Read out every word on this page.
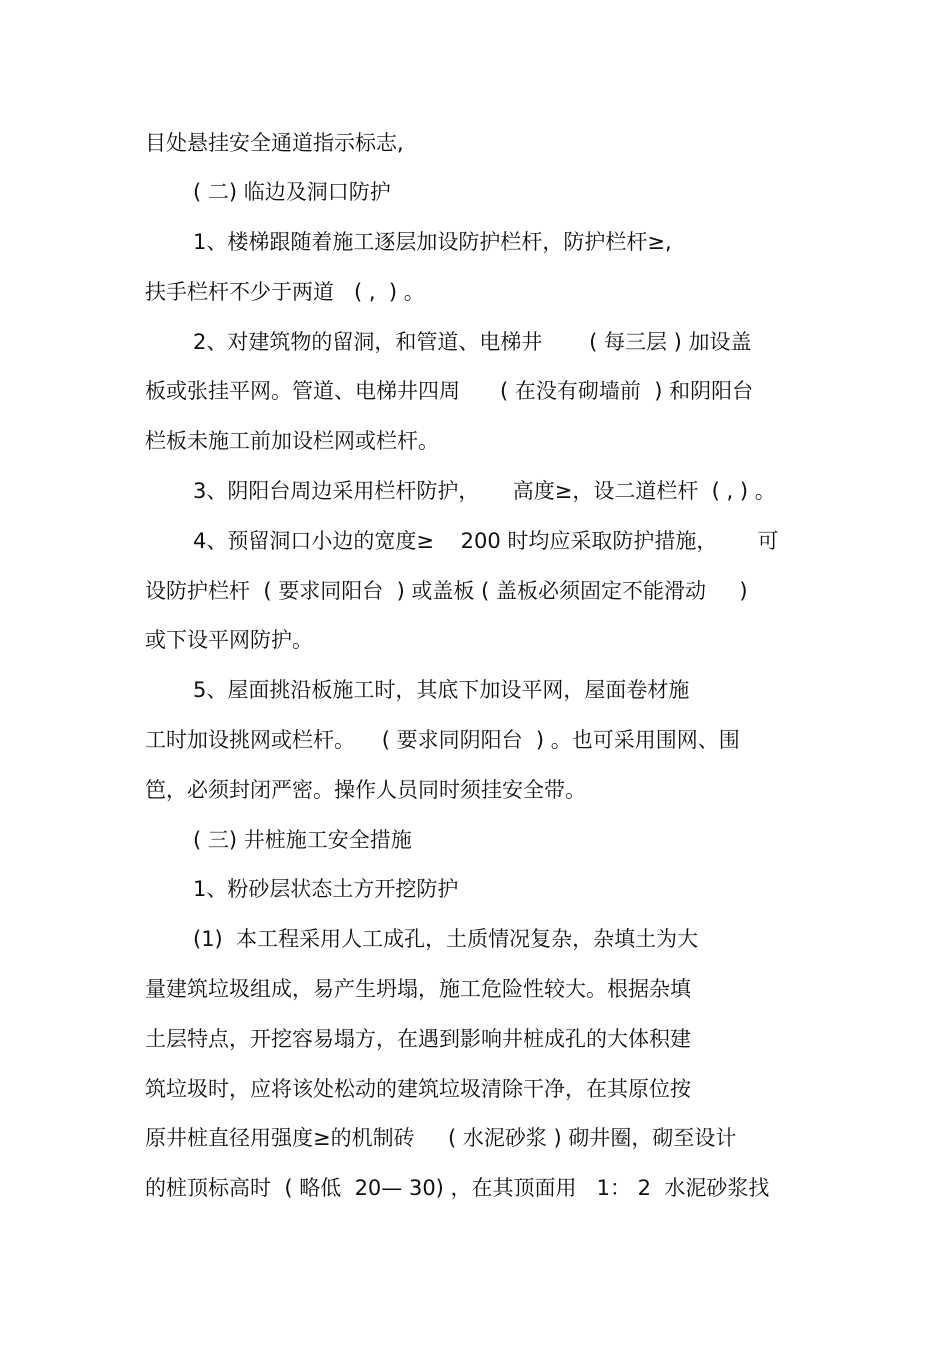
目处悬挂安全通道指示标志,
( 二) 临边及洞口防护
1、楼梯跟随着施工逐层加设防护栏杆，防护栏杆≥,
扶手栏杆不少于两道   ( ,  ) 。
2、对建筑物的留洞，和管道、电梯井       ( 每三层 ) 加设盖
板或张挂平网。管道、电梯井四周      ( 在没有砌墙前  ) 和阴阳台
栏板未施工前加设栏网或栏杆。
3、阴阳台周边采用栏杆防护，     高度≥，设二道栏杆  ( , ) 。
4、预留洞口小边的宽度≥    200 时均应采取防护措施，      可
设防护栏杆  ( 要求同阳台  ) 或盖板 ( 盖板必须固定不能滑动     )
或下设平网防护。
5、屋面挑沿板施工时，其底下加设平网，屋面卷材施
工时加设挑网或栏杆。    ( 要求同阴阳台  ) 。也可采用围网、围
笆，必须封闭严密。操作人员同时须挂安全带。
( 三) 井桩施工安全措施
1、粉砂层状态土方开挖防护
(1)  本工程采用人工成孔，土质情况复杂，杂填土为大
量建筑垃圾组成，易产生坍塌，施工危险性较大。根据杂填
土层特点，开挖容易塌方，在遇到影响井桩成孔的大体积建
筑垃圾时，应将该处松动的建筑垃圾清除干净，在其原位按
原井桩直径用强度≥的机制砖     ( 水泥砂浆 ) 砌井圈，砌至设计
的桩顶标高时  ( 略低  20— 30) ，在其顶面用   1： 2  水泥砂浆找
